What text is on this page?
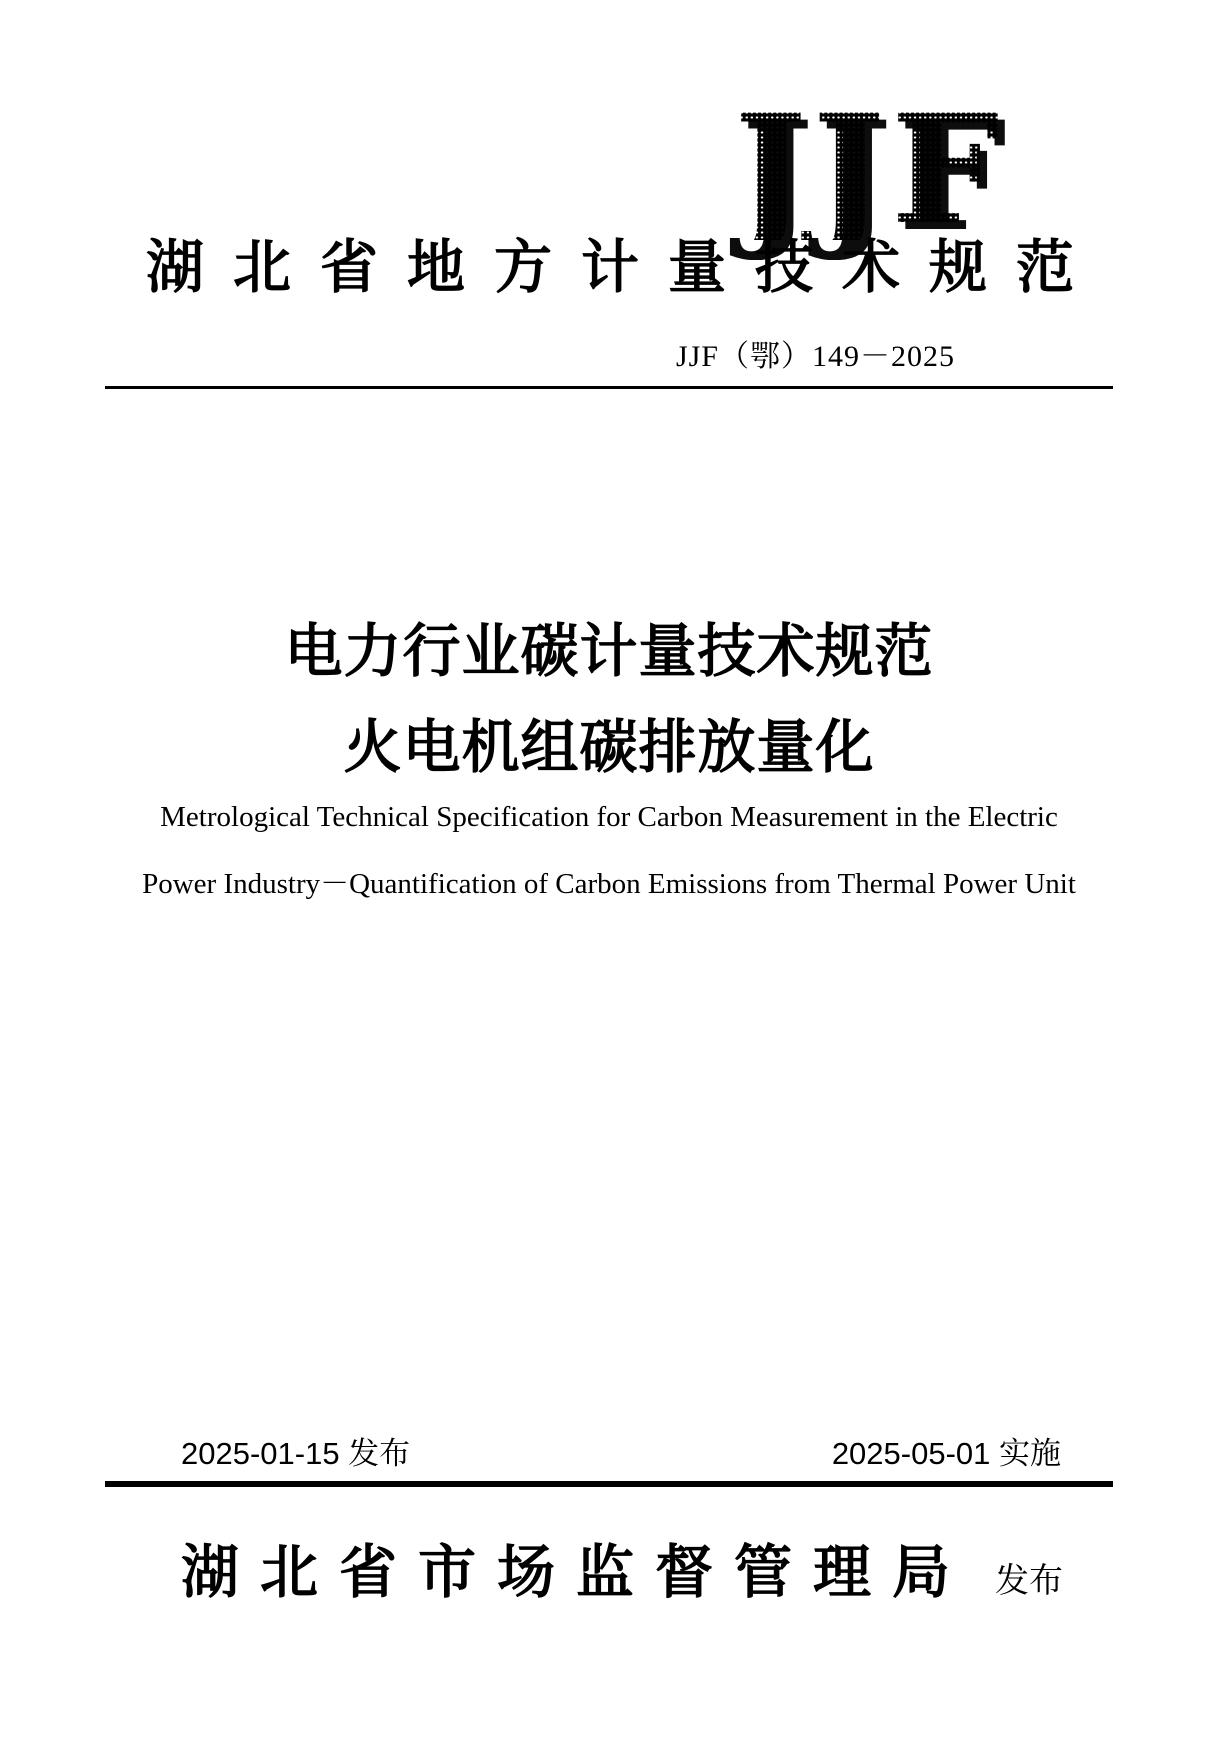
JJF
湖北省地方计量技术规范
JJF（鄂）149－2025
电力行业碳计量技术规范
火电机组碳排放量化
Metrological Technical Specification for Carbon Measurement in the Electric
Power Industry－Quantification of Carbon Emissions from Thermal Power Unit
2025-01-15 发布	2025-05-01 实施
湖北省市场监督管理局 发布
